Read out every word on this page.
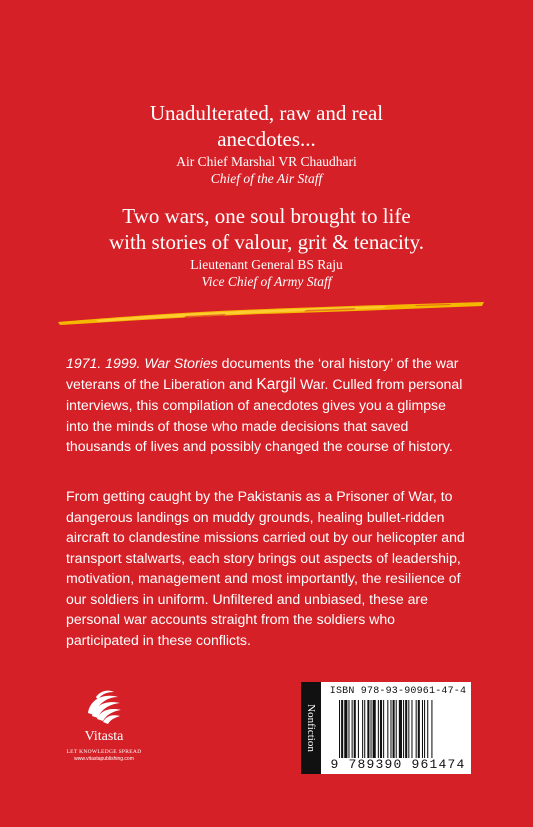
Unadulterated, raw and real
anecdotes...
Air Chief Marshal VR Chaudhari
Chief of the Air Staff
Two wars, one soul brought to life
with stories of valour, grit & tenacity.
Lieutenant General BS Raju
Vice Chief of Army Staff
1971. 1999. War Stories documents the ‘oral history’ of the war veterans of the Liberation and Kargil War. Culled from personal interviews, this compilation of anecdotes gives you a glimpse into the minds of those who made decisions that saved thousands of lives and possibly changed the course of history.
From getting caught by the Pakistanis as a Prisoner of War, to dangerous landings on muddy grounds, healing bullet-ridden aircraft to clandestine missions carried out by our helicopter and transport stalwarts, each story brings out aspects of leadership, motivation, management and most importantly, the resilience of our soldiers in uniform. Unfiltered and unbiased, these are personal war accounts straight from the soldiers who participated in these conflicts.
Vitasta
LET KNOWLEDGE SPREAD
www.vitastapublishing.com
Nonfiction
ISBN 978-93-90961-47-4
9 789390 961474
